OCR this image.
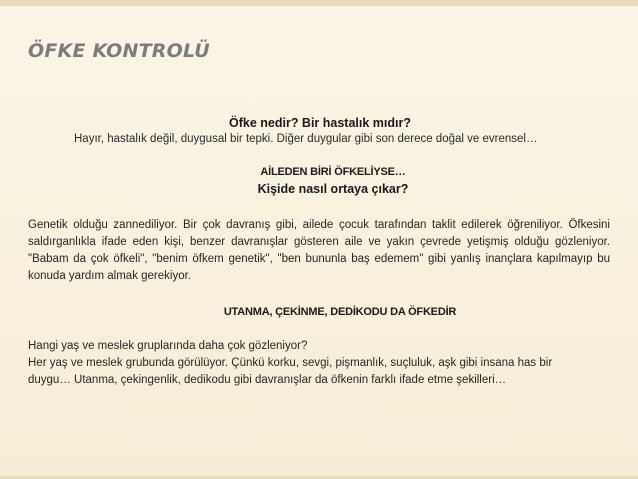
ÖFKE KONTROLÜ

Öfke nedir? Bir hastalık mıdır?

Hayır, hastalık değil, duygusal bir tepki. Diğer duygular gibi son derece doğal ve evrensel…

AİLEDEN BİRİ ÖFKELİYSE…

Kişide nasıl ortaya çıkar?

Genetik olduğu zannediliyor. Bir çok davranış gibi, ailede çocuk tarafından taklit edilerek öğreniliyor. Öfkesini saldırganlıkla ifade eden kişi, benzer davranışlar gösteren aile ve yakın çevrede yetişmiş olduğu gözleniyor. "Babam da çok öfkeli", "benim öfkem genetik", "ben bununla baş edemem" gibi yanlış inançlara kapılmayıp bu konuda yardım almak gerekiyor.

UTANMA, ÇEKİNME, DEDİKODU DA ÖFKEDİR

Hangi yaş ve meslek gruplarında daha çok gözleniyor?
Her yaş ve meslek grubunda görülüyor. Çünkü korku, sevgi, pişmanlık, suçluluk, aşk gibi insana has bir
duygu… Utanma, çekingenlik, dedikodu gibi davranışlar da öfkenin farklı ifade etme şekilleri…
